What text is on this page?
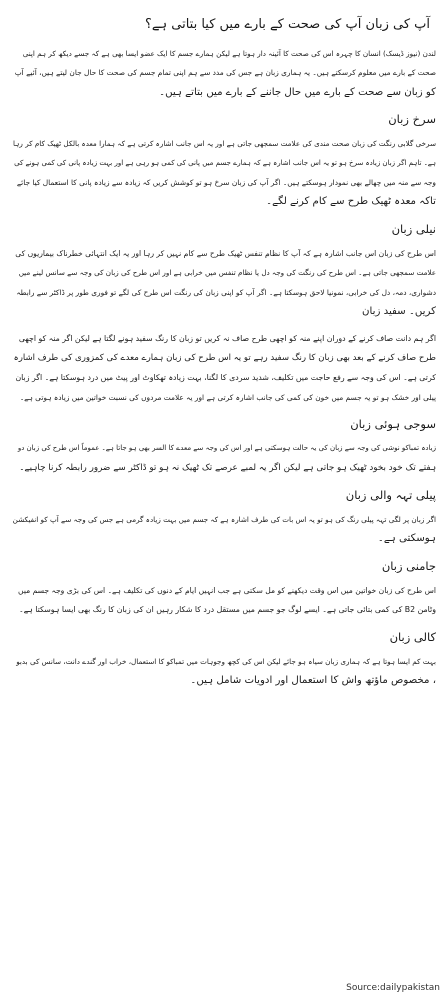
آپ کی زبان آپ کی صحت کے بارے میں کیا بتاتی ہے؟
لندن (نیوز ڈیسک) انسان کا چہرہ اس کی صحت کا آئینہ دار ہوتا ہے لیکن ہمارے جسم کا ایک عضو ایسا بھی ہے کہ جسے دیکھ کر ہم اپنی
صحت کے بارے میں معلوم کرسکتے ہیں۔ یہ ہماری زبان ہے جس کی مدد سے ہم اپنی تمام جسم کی صحت کا حال جان لیتے ہیں، آئیے آپ
کو زبان سے صحت کے بارے میں حال جاننے کے بارے میں بتاتے ہیں۔
سرخ زبان
سرخی گلابی رنگت کی زبان صحت مندی کی علامت سمجھی جاتی ہے اور یہ اس جانب اشارہ کرتی ہے کہ ہمارا معدہ بالکل ٹھیک کام کر رہا
ہے۔ تاہم اگر زبان زیادہ سرخ ہو تو یہ اس جانب اشارہ ہے کہ ہمارے جسم میں پانی کی کمی ہو رہی ہے اور بہت زیادہ پانی کی کمی ہونے کی
وجہ سے منہ میں چھالے بھی نمودار ہوسکتے ہیں۔ اگر آپ کی زبان سرخ ہو تو کوشش کریں کہ زیادہ سے زیادہ پانی کا استعمال کیا جائے
تاکہ معدہ ٹھیک طرح سے کام کرنے لگے۔
نیلی زبان
اس طرح کی زبان اس جانب اشارہ ہے کہ آپ کا نظام تنفس ٹھیک طرح سے کام نہیں کر رہا اور یہ ایک انتہائی خطرناک بیماریوں کی
علامت سمجھی جاتی ہے۔ اس طرح کی رنگت کی وجہ دل یا نظام تنفس میں خرابی ہے اور اس طرح کی زبان کی وجہ سے سانس لینے میں
دشواری، دمہ، دل کی خرابی، نمونیا لاحق ہوسکتا ہے۔ اگر آپ کو اپنی زبان کی رنگت اس طرح کی لگے تو فوری طور پر ڈاکٹر سے رابطہ
کریں۔ سفید زبان
اگر ہم دانت صاف کرنے کے دوران اپنے منہ کو اچھی طرح صاف نہ کریں تو زبان کا رنگ سفید ہونے لگتا ہے لیکن اگر منہ کو اچھی
طرح صاف کرنے کے بعد بھی زبان کا رنگ سفید رہے تو یہ اس طرح کی زبان ہمارے معدے کی کمزوری کی طرف اشارہ
کرتی ہے۔ اس کی وجہ سے رفع حاجت میں تکلیف، شدید سردی کا لگنا، بہت زیادہ تھکاوٹ اور پیٹ میں درد ہوسکتا ہے۔ اگر زبان
پیلی اور خشک ہو تو یہ جسم میں خون کی کمی کی جانب اشارہ کرتی ہے اور یہ علامت مردوں کی نسبت خواتین میں زیادہ ہوتی ہے۔
سوجی ہوئی زبان
زیادہ تمباکو نوشی کی وجہ سے زبان کی یہ حالت ہوسکتی ہے اور اس کی وجہ سے معدے کا السر بھی ہو جاتا ہے۔ عموماً اس طرح کی زبان دو
ہفتے تک خود بخود ٹھیک ہو جاتی ہے لیکن اگر یہ لمبے عرصے تک ٹھیک نہ ہو تو ڈاکٹر سے ضرور رابطہ کرنا چاہیے۔
پیلی تہہ والی زبان
اگر زبان پر لگی تہہ پیلی رنگ کی ہو تو یہ اس بات کی طرف اشارہ ہے کہ جسم میں بہت زیادہ گرمی ہے جس کی وجہ سے آپ کو انفیکشن
ہوسکتی ہے۔
جامنی زبان
اس طرح کی زبان خواتین میں اس وقت دیکھنے کو مل سکتی ہے جب انہیں ایام کے دنوں کی تکلیف ہے۔ اس کی بڑی وجہ جسم میں
وٹامن B2 کی کمی بتائی جاتی ہے۔ ایسے لوگ جو جسم میں مستقل درد کا شکار رہیں ان کی زبان کا رنگ بھی ایسا ہوسکتا ہے۔
کالی زبان
بہت کم ایسا ہوتا ہے کہ ہماری زبان سیاہ ہو جائے لیکن اس کی کچھ وجوہات میں تمباکو کا استعمال، خراب اور گندے دانت، سانس کی بدبو
، مخصوص ماؤتھ واش کا استعمال اور ادویات شامل ہیں۔
Source:dailypakistan
